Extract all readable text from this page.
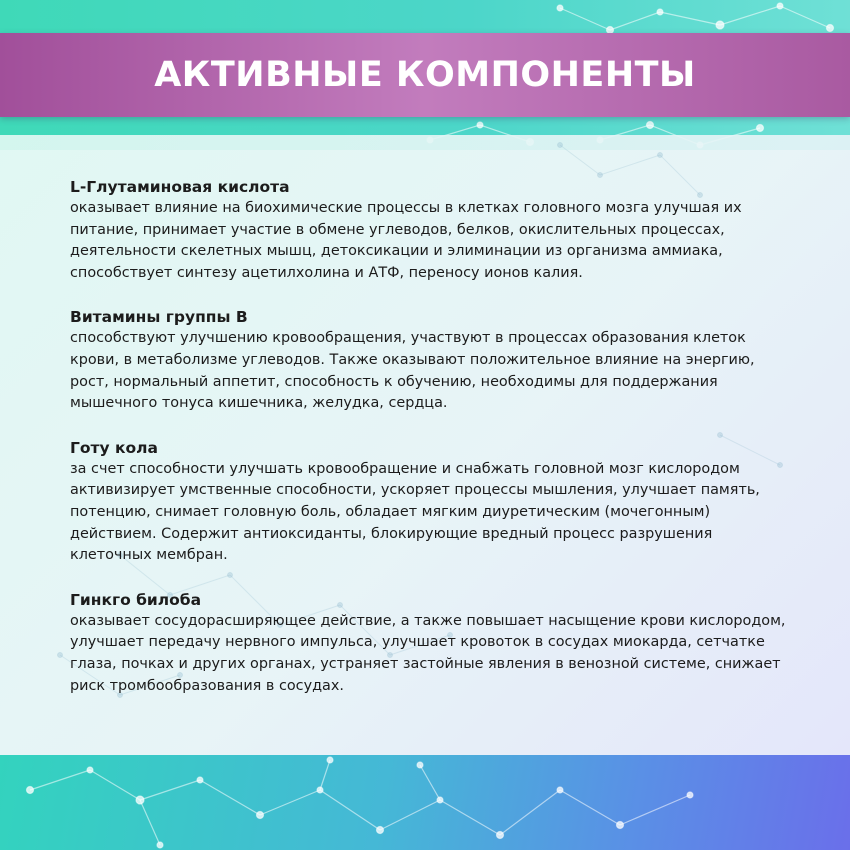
АКТИВНЫЕ КОМПОНЕНТЫ

L-Глутаминовая кислота

оказывает влияние на биохимические процессы в клетках головного мозга улучшая их питание, принимает участие в обмене углеводов, белков, окислительных процессах, деятельности скелетных мышц, детоксикации и элиминации из организма аммиака, способствует синтезу ацетилхолина и АТФ, переносу ионов калия.

Витамины группы В

способствуют улучшению кровообращения, участвуют в процессах образования клеток крови, в метаболизме углеводов. Также оказывают положительное влияние на энергию, рост, нормальный аппетит, способность к обучению, необходимы для поддержания мышечного тонуса кишечника, желудка, сердца.

Готу кола

за счет способности улучшать кровообращение и снабжать головной мозг кислородом активизирует умственные способности, ускоряет процессы мышления, улучшает память, потенцию, снимает головную боль, обладает мягким диуретическим (мочегонным) действием. Содержит антиоксиданты, блокирующие вредный процесс разрушения клеточных мембран.

Гинкго билоба

оказывает сосудорасширяющее действие, а также повышает насыщение крови кислородом, улучшает передачу нервного импульса, улучшает кровоток в сосудах миокарда, сетчатке глаза, почках и других органах, устраняет застойные явления в венозной системе, снижает риск тромбообразования в сосудах.
